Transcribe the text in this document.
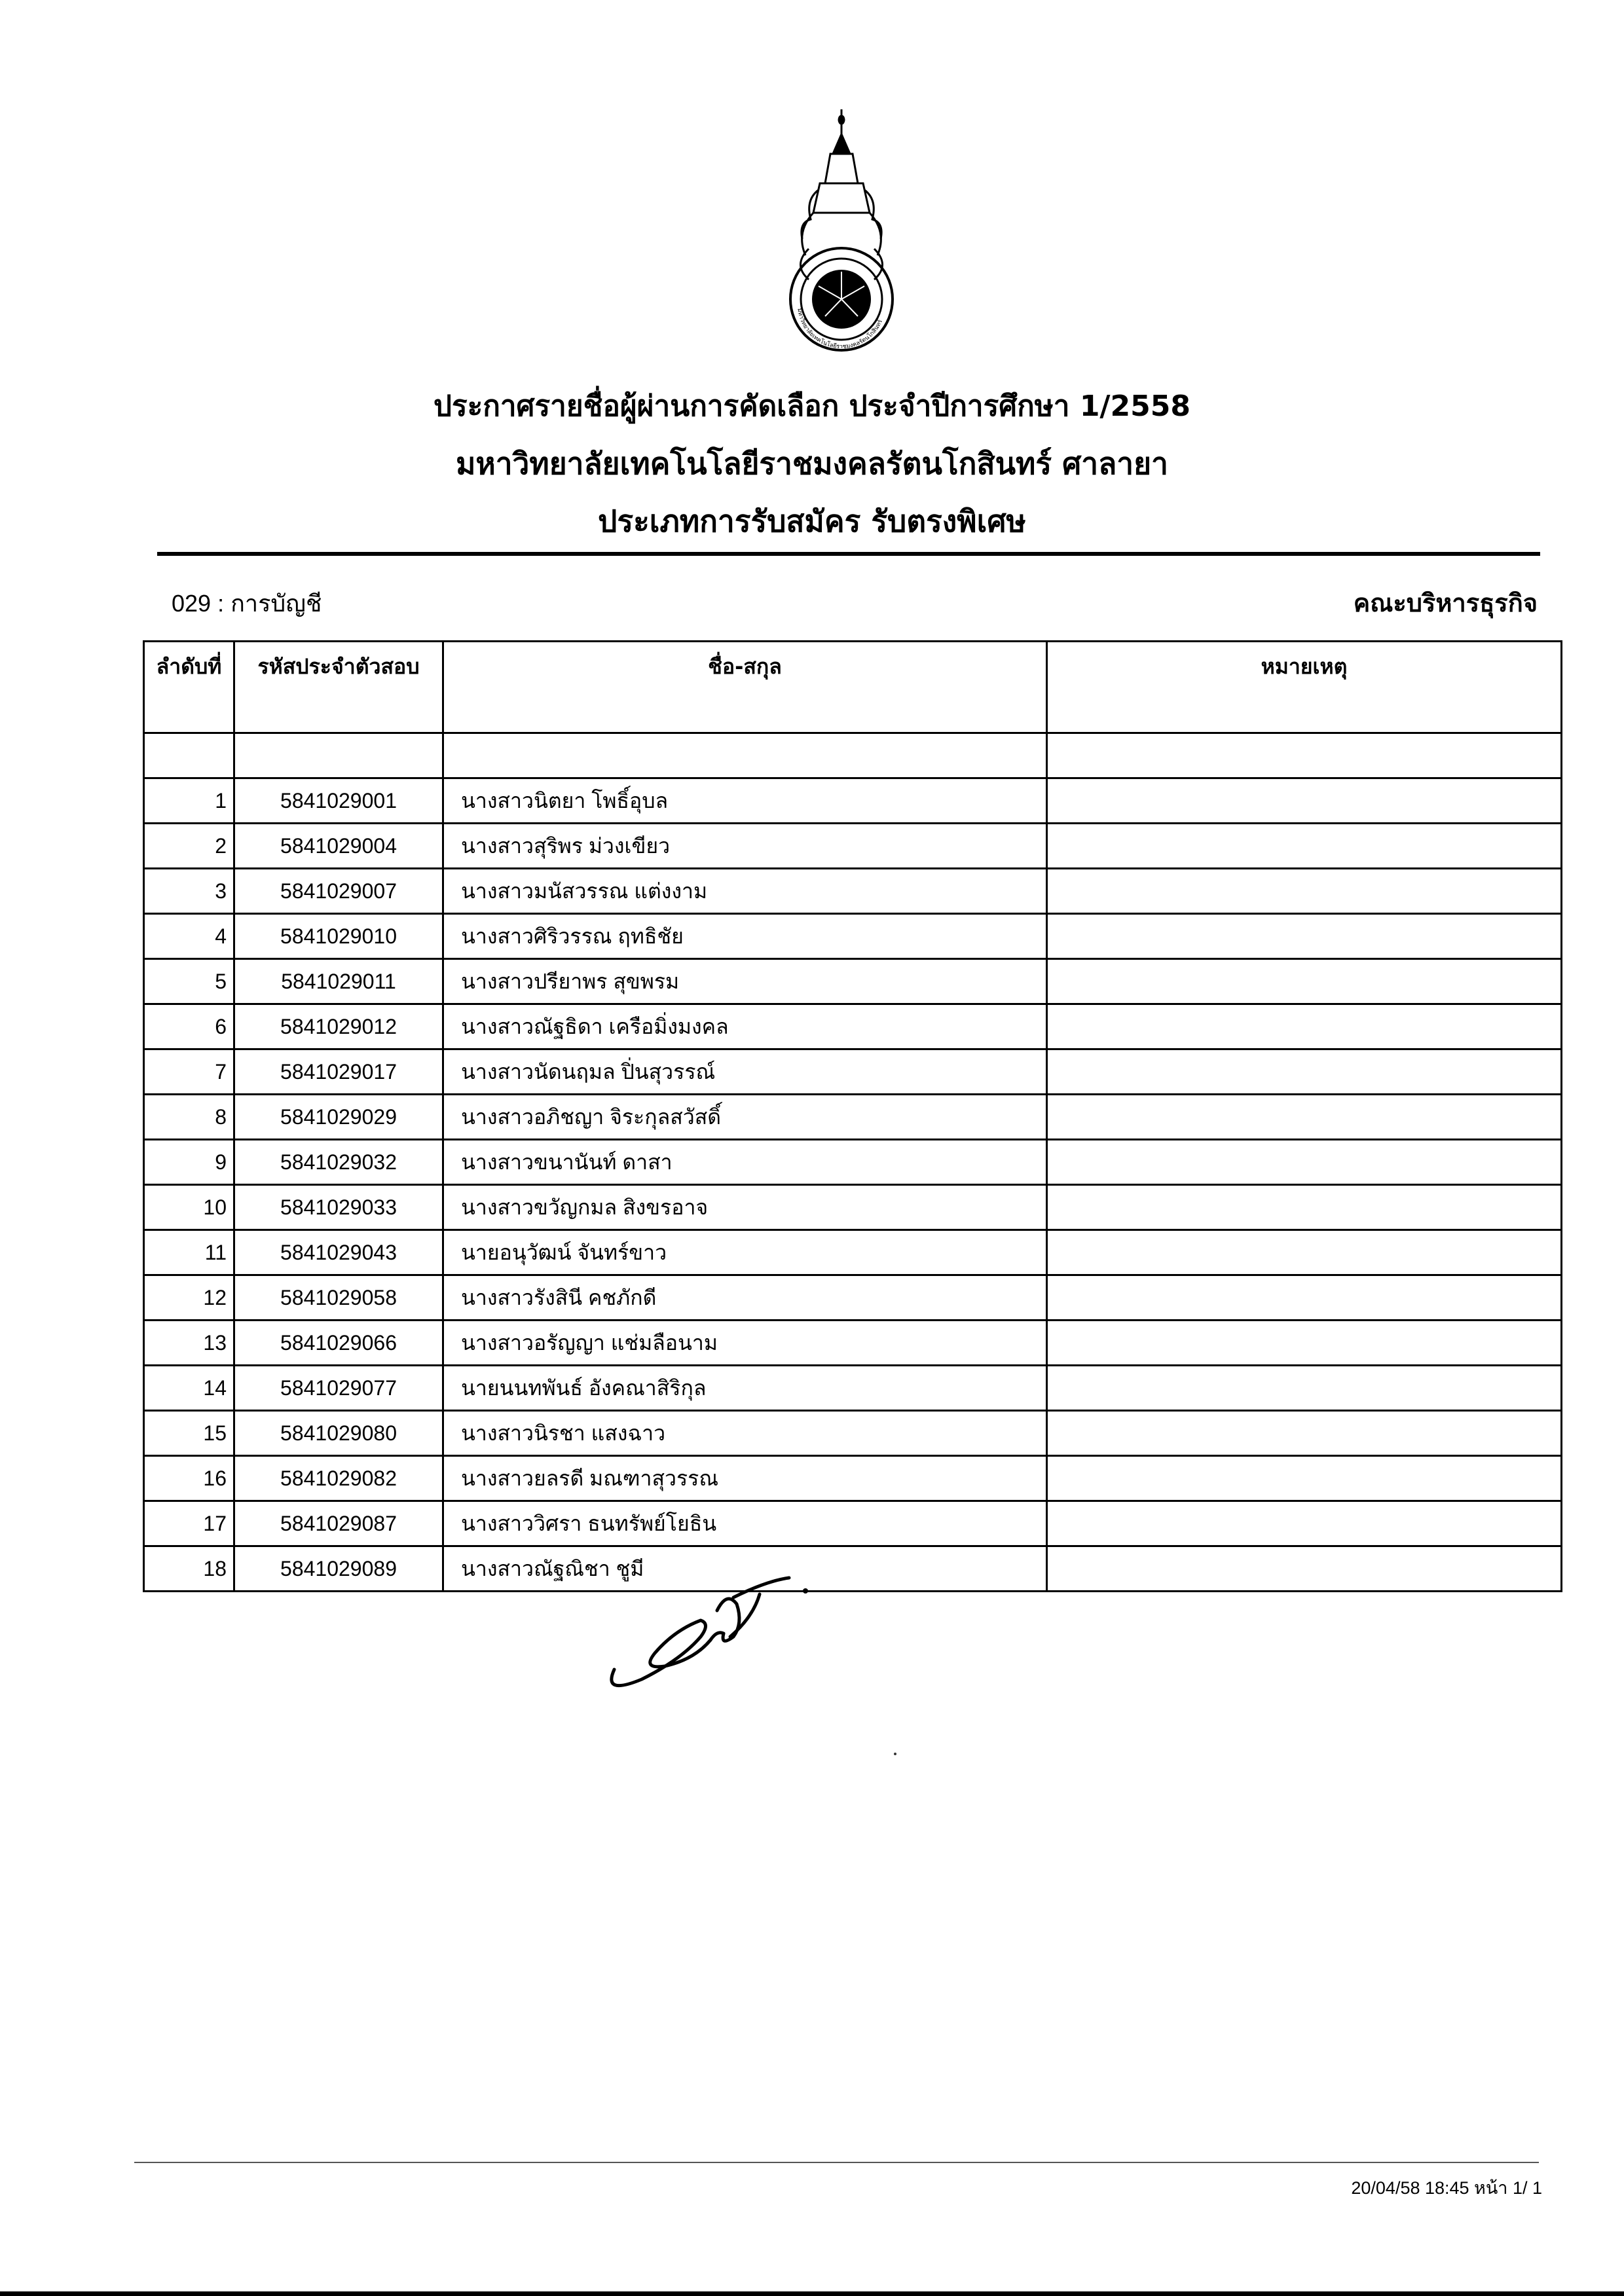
มหาวิทยาลัยเทคโนโลยีราชมงคลรัตนโกสินทร์
ประกาศรายชื่อผู้ผ่านการคัดเลือก ประจำปีการศึกษา 1/2558
มหาวิทยาลัยเทคโนโลยีราชมงคลรัตนโกสินทร์ ศาลายา
ประเภทการรับสมัคร รับตรงพิเศษ
029 : การบัญชี	คณะบริหารธุรกิจ
ลำดับที่	รหัสประจำตัวสอบ	ชื่อ-สกุล	หมายเหตุ

1	5841029001	นางสาวนิตยา โพธิ์อุบล	
2	5841029004	นางสาวสุริพร ม่วงเขียว	
3	5841029007	นางสาวมนัสวรรณ แต่งงาม	
4	5841029010	นางสาวศิริวรรณ ฤทธิชัย	
5	5841029011	นางสาวปรียาพร สุขพรม	
6	5841029012	นางสาวณัฐธิดา เครือมิ่งมงคล	
7	5841029017	นางสาวนัดนฤมล ปิ่นสุวรรณ์	
8	5841029029	นางสาวอภิชญา จิระกุลสวัสดิ์	
9	5841029032	นางสาวขนานันท์ ดาสา	
10	5841029033	นางสาวขวัญกมล สิงขรอาจ	
11	5841029043	นายอนุวัฒน์ จันทร์ขาว	
12	5841029058	นางสาวรังสินี คชภักดี	
13	5841029066	นางสาวอรัญญา แช่มลือนาม	
14	5841029077	นายนนทพันธ์ อังคณาสิริกุล	
15	5841029080	นางสาวนิรชา แสงฉาว	
16	5841029082	นางสาวยลรดี มณฑาสุวรรณ	
17	5841029087	นางสาววิศรา ธนทรัพย์โยธิน	
18	5841029089	นางสาวณัฐณิชา ชูมี	
20/04/58 18:45 หน้า 1/ 1
